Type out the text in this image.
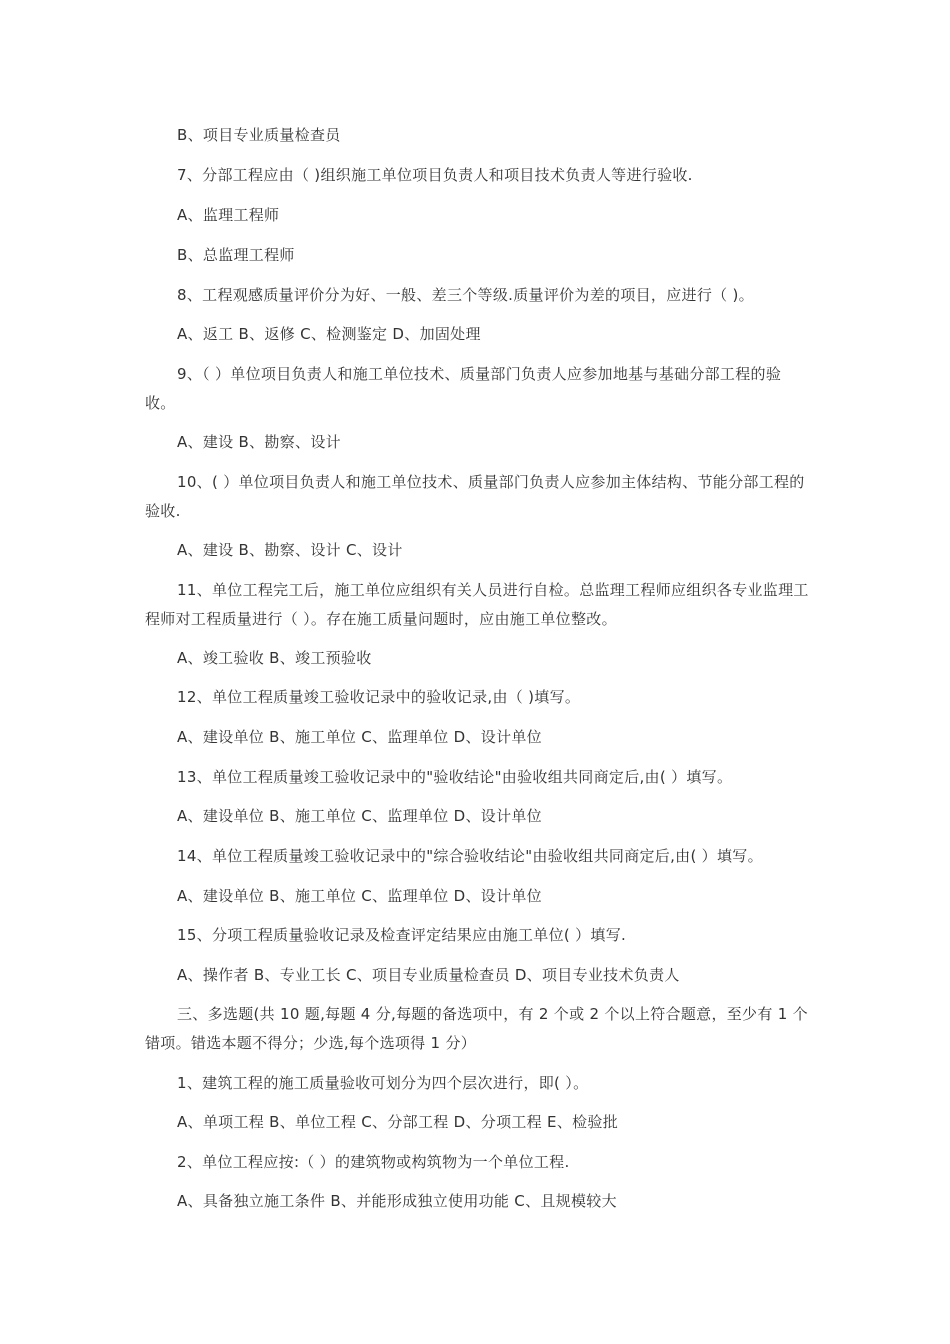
B、项目专业质量检查员

7、分部工程应由（ )组织施工单位项目负责人和项目技术负责人等进行验收.

A、监理工程师

B、总监理工程师

8、工程观感质量评价分为好、一般、差三个等级.质量评价为差的项目，应进行（ )。

A、返工 B、返修 C、检测鉴定 D、加固处理

9、（ ）单位项目负责人和施工单位技术、质量部门负责人应参加地基与基础分部工程的验收。

A、建设 B、勘察、设计

10、( ）单位项目负责人和施工单位技术、质量部门负责人应参加主体结构、节能分部工程的验收.

A、建设 B、勘察、设计 C、设计

11、单位工程完工后，施工单位应组织有关人员进行自检。总监理工程师应组织各专业监理工程师对工程质量进行（ ）。存在施工质量问题时，应由施工单位整改。

A、竣工验收 B、竣工预验收

12、单位工程质量竣工验收记录中的验收记录,由（ )填写。

A、建设单位 B、施工单位 C、监理单位 D、设计单位

13、单位工程质量竣工验收记录中的"验收结论"由验收组共同商定后,由( ）填写。

A、建设单位 B、施工单位 C、监理单位 D、设计单位

14、单位工程质量竣工验收记录中的"综合验收结论"由验收组共同商定后,由( ）填写。

A、建设单位 B、施工单位 C、监理单位 D、设计单位

15、分项工程质量验收记录及检查评定结果应由施工单位( ）填写.

A、操作者 B、专业工长 C、项目专业质量检查员 D、项目专业技术负责人

三、多选题(共 10 题,每题 4 分,每题的备选项中，有 2 个或 2 个以上符合题意，至少有 1 个错项。错选本题不得分；少选,每个选项得 1 分）

1、建筑工程的施工质量验收可划分为四个层次进行，即( ）。

A、单项工程 B、单位工程 C、分部工程 D、分项工程 E、检验批

2、单位工程应按:（ ）的建筑物或构筑物为一个单位工程.

A、具备独立施工条件 B、并能形成独立使用功能 C、且规模较大
